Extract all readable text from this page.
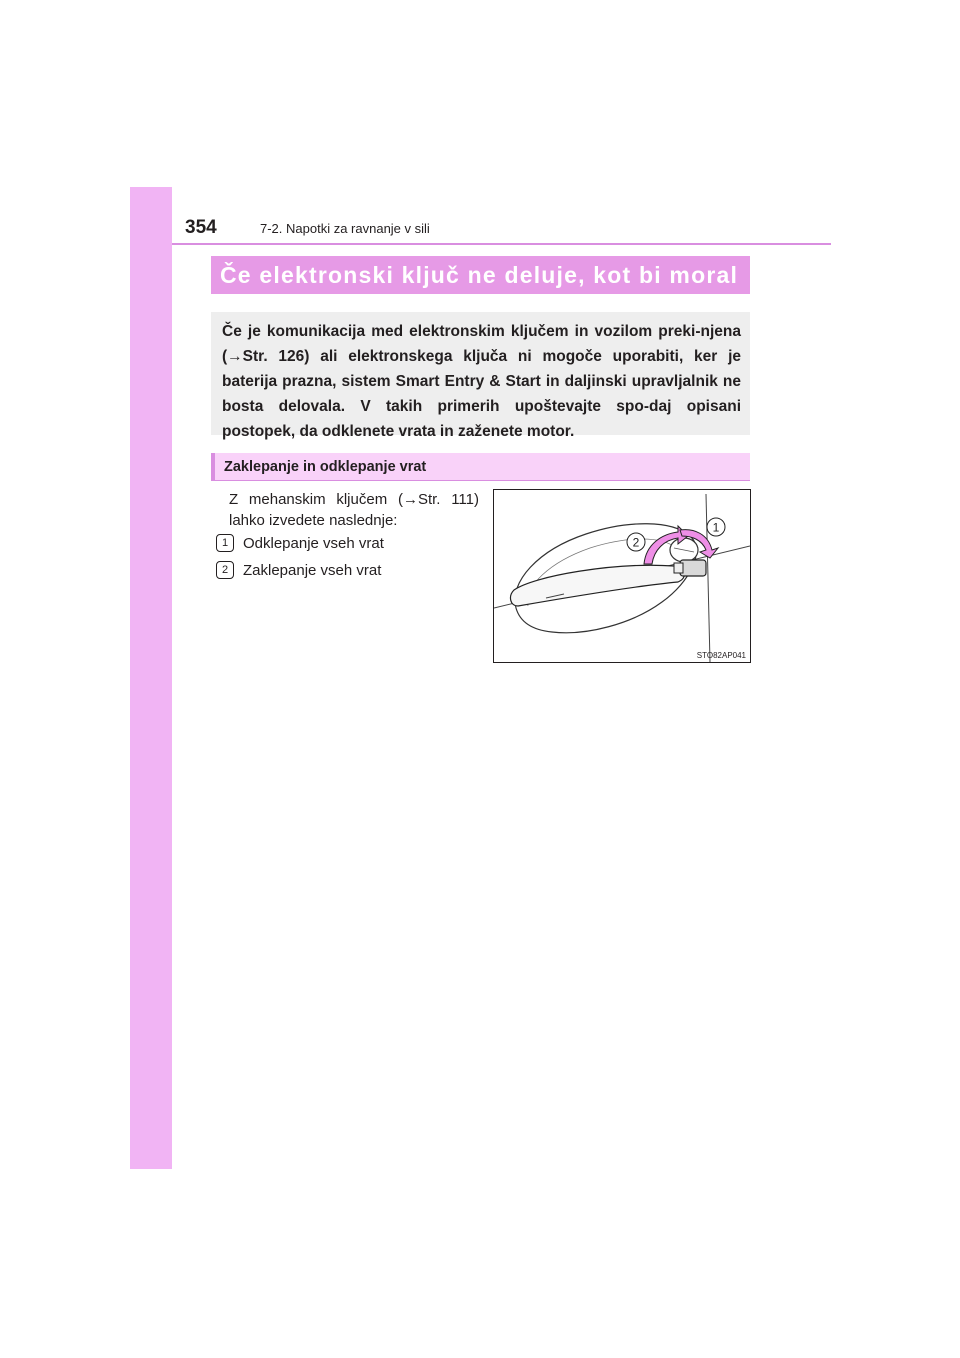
354	7-2. Napotki za ravnanje v sili
Če elektronski ključ ne deluje, kot bi moral
Če je komunikacija med elektronskim ključem in vozilom preki-njena (→Str. 126) ali elektronskega ključa ni mogoče uporabiti, ker je baterija prazna, sistem Smart Entry & Start in daljinski upravljalnik ne bosta delovala. V takih primerih upoštevajte spo-daj opisani postopek, da odklenete vrata in zaženete motor.
Zaklepanje in odklepanje vrat
Z mehanskim ključem (→Str. 111) lahko izvedete naslednje:
1 Odklepanje vseh vrat
2 Zaklepanje vseh vrat
1
2
STO82AP041
